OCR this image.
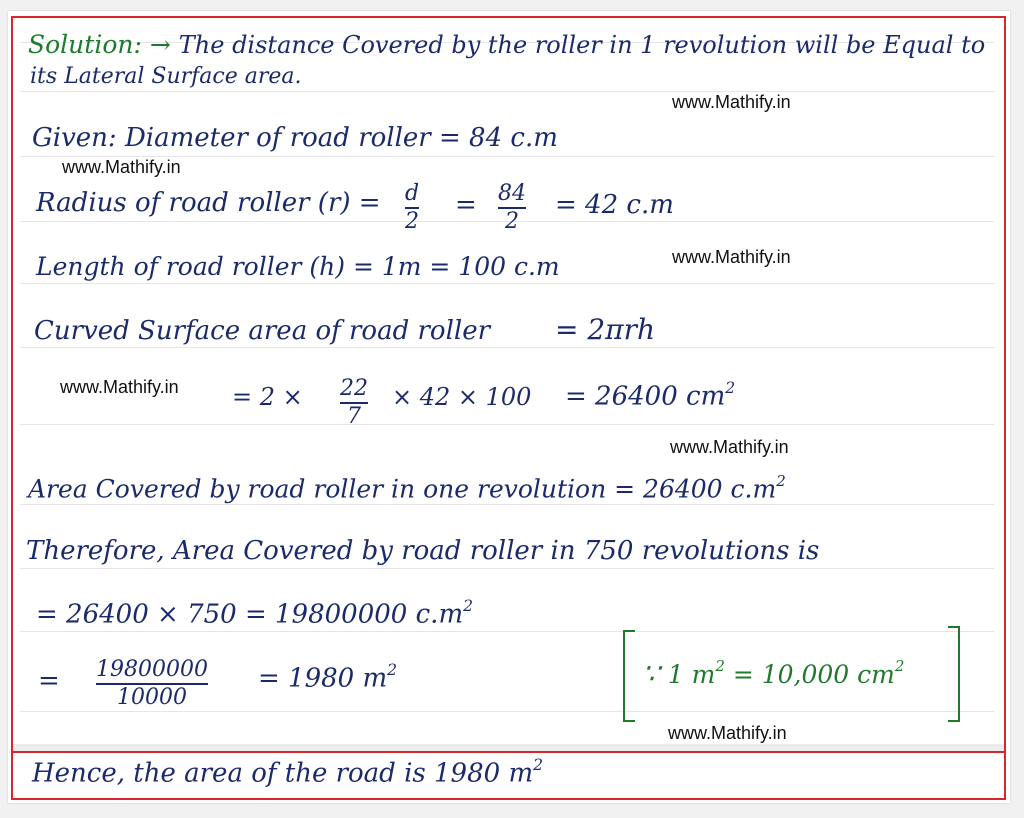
Solution: → The distance Covered by the roller in 1 revolution will be Equal to
its Lateral Surface area.
Given: Diameter of road roller = 84 c.m
Radius of road roller (r) = d
2
= 84
2
= 42 c.m
Length of road roller (h) = 1m = 100 c.m
Curved Surface area of road roller = 2πrh
= 2 × 22
7
× 42 × 100 = 26400 $cm^2$
Area Covered by road roller in one revolution = 26400 $c.m^2$
Therefore, Area Covered by road roller in 750 revolutions is
= 26400 × 750 = 19800000 $c.m^2$
= 19800000
10000
= 1980 $m^2$	∵ 1 $m^2 = 10,000$ $cm^2$
Hence, the area of the road is 1980 $m^2$
www.Mathify.in
www.Mathify.in
www.Mathify.in
www.Mathify.in
www.Mathify.in
www.Mathify.in
